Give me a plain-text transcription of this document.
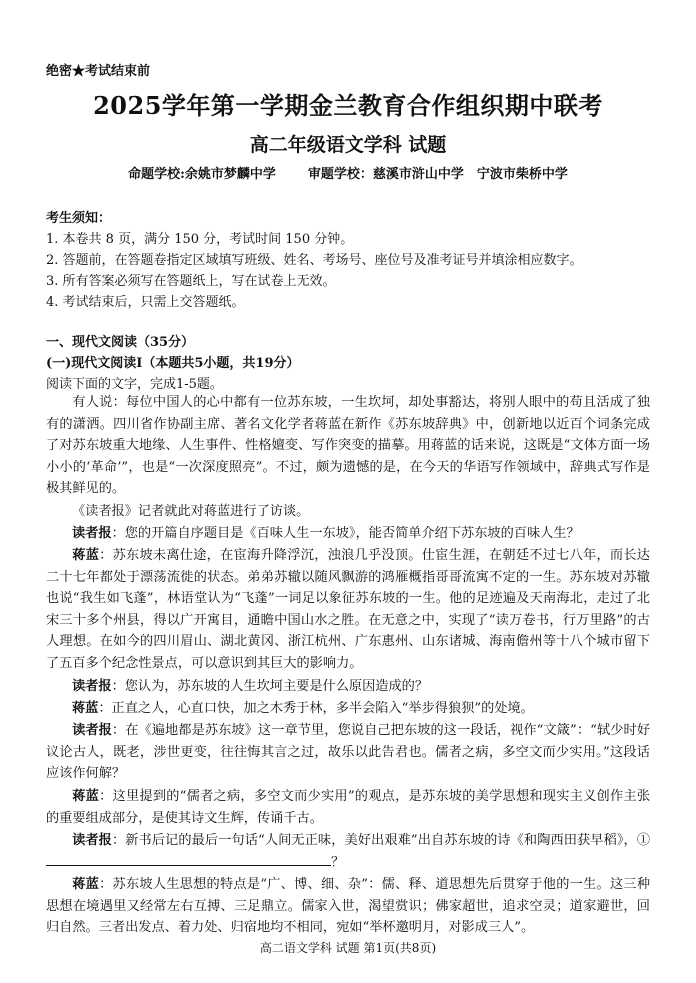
绝密★考试结束前
2025学年第一学期金兰教育合作组织期中联考
高二年级语文学科 试题
命题学校:余姚市梦麟中学 审题学校：慈溪市浒山中学　宁波市柴桥中学
考生须知：
1. 本卷共 8 页，满分 150 分，考试时间 150 分钟。
2. 答题前，在答题卷指定区域填写班级、姓名、考场号、座位号及准考证号并填涂相应数字。
3. 所有答案必须写在答题纸上，写在试卷上无效。
4. 考试结束后，只需上交答题纸。
一、现代文阅读（35分）
(一)现代文阅读Ⅰ（本题共5小题，共19分）
阅读下面的文字，完成1-5题。
有人说：每位中国人的心中都有一位苏东坡，一生坎坷，却处事豁达，将别人眼中的苟且活成了独有的潇洒。四川省作协副主席、著名文化学者蒋蓝在新作《苏东坡辞典》中，创新地以近百个词条完成了对苏东坡重大地缘、人生事件、性格嬗变、写作突变的描摹。用蒋蓝的话来说，这既是“文体方面一场小小的‘革命’”，也是“一次深度照亮”。不过，颇为遗憾的是，在今天的华语写作领域中，辞典式写作是极其鲜见的。
《读者报》记者就此对蒋蓝进行了访谈。
读者报：您的开篇自序题目是《百味人生一东坡》，能否简单介绍下苏东坡的百味人生？
蒋蓝：苏东坡未离仕途，在宦海升降浮沉，浊浪几乎没顶。仕宦生涯，在朝廷不过七八年，而长达二十七年都处于漂荡流徙的状态。弟弟苏辙以随风飘游的鸿雁概指哥哥流寓不定的一生。苏东坡对苏辙也说“我生如飞蓬”，林语堂认为“飞蓬”一词足以象征苏东坡的一生。他的足迹遍及天南海北，走过了北宋三十多个州县，得以广开寓目，通瞻中国山水之胜。在无意之中，实现了“读万卷书，行万里路”的古人理想。在如今的四川眉山、湖北黄冈、浙江杭州、广东惠州、山东诸城、海南儋州等十八个城市留下了五百多个纪念性景点，可以意识到其巨大的影响力。
读者报：您认为，苏东坡的人生坎坷主要是什么原因造成的？
蒋蓝：正直之人，心直口快，加之木秀于林，多半会陷入“举步得狼狈”的处境。
读者报：在《遍地都是苏东坡》这一章节里，您说自己把东坡的这一段话，视作“文箴”：“轼少时好议论古人，既老，涉世更变，往往悔其言之过，故乐以此告君也。儒者之病，多空文而少实用。”这段话应该作何解？
蒋蓝：这里提到的“儒者之病，多空文而少实用”的观点，是苏东坡的美学思想和现实主义创作主张的重要组成部分，是使其诗文生辉，传诵千古。
读者报：新书后记的最后一句话“人间无正味，美好出艰难”出自苏东坡的诗《和陶西田获早稻》，①？
蒋蓝：苏东坡人生思想的特点是“广、博、细、杂”：儒、释、道思想先后贯穿于他的一生。这三种思想在境遇里又经常左右互搏、三足鼎立。儒家入世，渴望赏识；佛家超世，追求空灵；道家避世，回归自然。三者出发点、着力处、归宿地均不相同，宛如“举杯邀明月，对影成三人”。
高二语文学科 试题 第1页(共8页)
